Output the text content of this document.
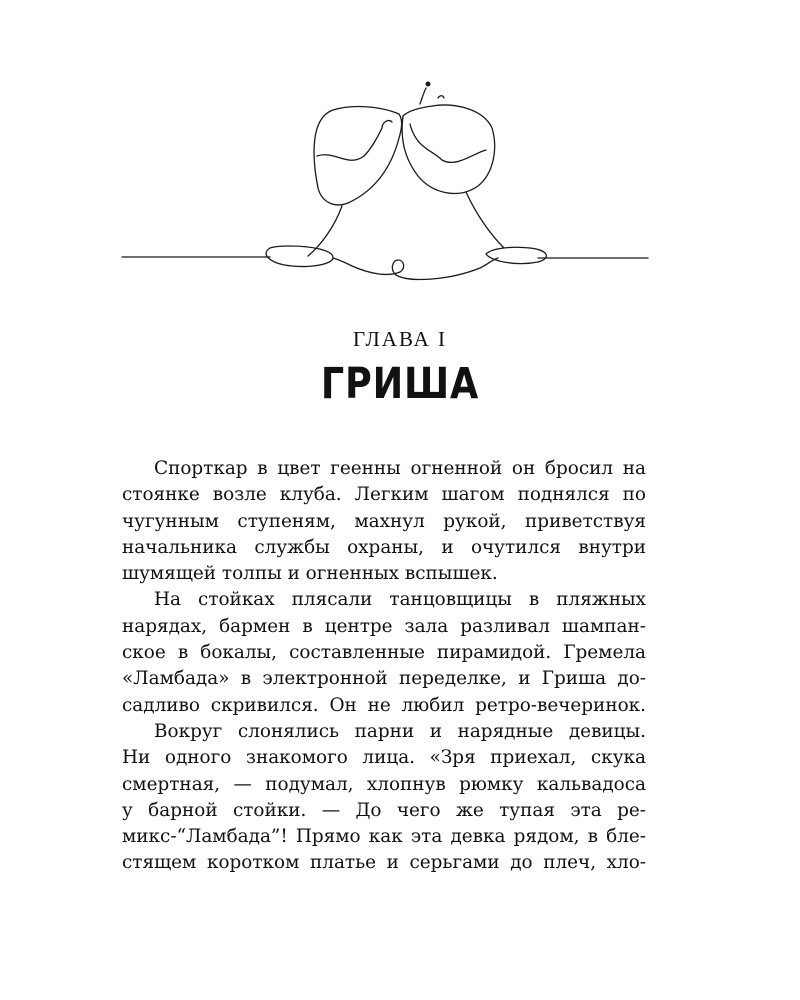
ГЛАВА I
ГРИША
Спорткар в цвет геенны огненной он бросил на
стоянке возле клуба. Легким шагом поднялся по
чугунным ступеням, махнул рукой, приветствуя
начальника службы охраны, и очутился внутри
шумящей толпы и огненных вспышек.
На стойках плясали танцовщицы в пляжных
нарядах, бармен в центре зала разливал шампан-
ское в бокалы, составленные пирамидой. Гремела
«Ламбада» в электронной переделке, и Гриша до-
садливо скривился. Он не любил ретро-вечеринок.
Вокруг слонялись парни и нарядные девицы.
Ни одного знакомого лица. «Зря приехал, скука
смертная, — подумал, хлопнув рюмку кальвадоса
у барной стойки. — До чего же тупая эта ре-
микс-“Ламбада”! Прямо как эта девка рядом, в бле-
стящем коротком платье и серьгами до плеч, хло-
